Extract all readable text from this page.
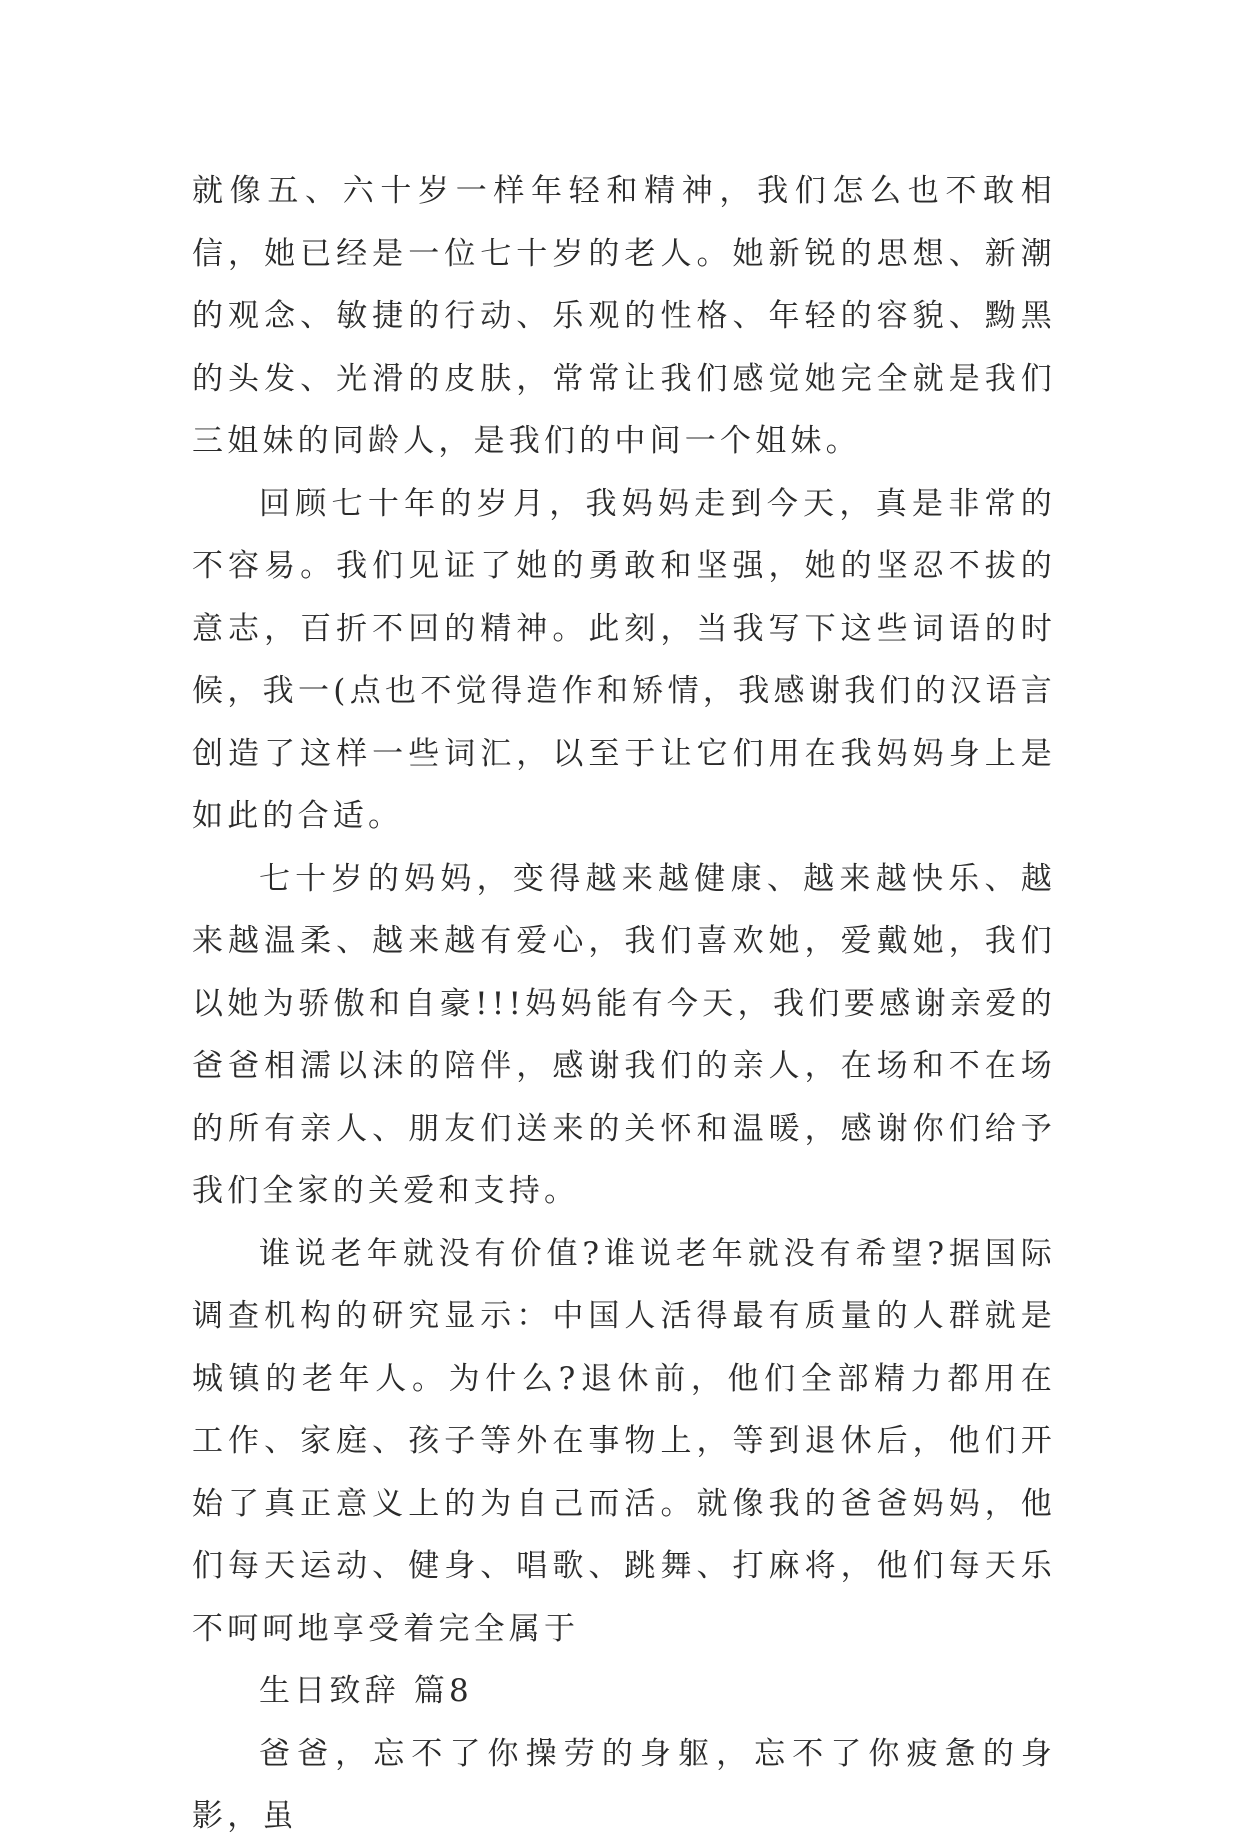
就像五、六十岁一样年轻和精神，我们怎么也不敢相信，她已经是一位七十岁的老人。她新锐的思想、新潮的观念、敏捷的行动、乐观的性格、年轻的容貌、黝黑的头发、光滑的皮肤，常常让我们感觉她完全就是我们三姐妹的同龄人，是我们的中间一个姐妹。

回顾七十年的岁月，我妈妈走到今天，真是非常的不容易。我们见证了她的勇敢和坚强，她的坚忍不拔的意志，百折不回的精神。此刻，当我写下这些词语的时候，我一(点也不觉得造作和矫情，我感谢我们的汉语言创造了这样一些词汇，以至于让它们用在我妈妈身上是如此的合适。

七十岁的妈妈，变得越来越健康、越来越快乐、越来越温柔、越来越有爱心，我们喜欢她，爱戴她，我们以她为骄傲和自豪!!!妈妈能有今天，我们要感谢亲爱的爸爸相濡以沫的陪伴，感谢我们的亲人，在场和不在场的所有亲人、朋友们送来的关怀和温暖，感谢你们给予我们全家的关爱和支持。

谁说老年就没有价值?谁说老年就没有希望?据国际调查机构的研究显示：中国人活得最有质量的人群就是城镇的老年人。为什么?退休前，他们全部精力都用在工作、家庭、孩子等外在事物上，等到退休后，他们开始了真正意义上的为自己而活。就像我的爸爸妈妈，他们每天运动、健身、唱歌、跳舞、打麻将，他们每天乐不呵呵地享受着完全属于

生日致辞 篇8

爸爸，忘不了你操劳的身躯，忘不了你疲惫的身影，虽
